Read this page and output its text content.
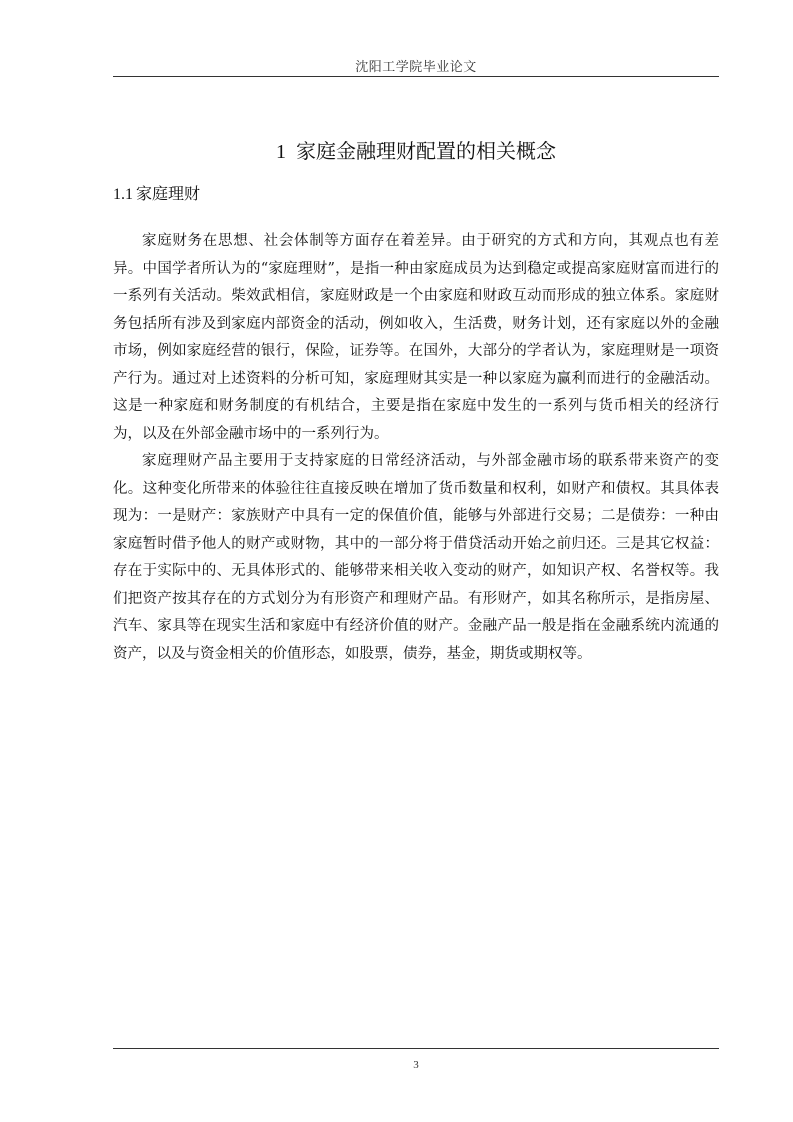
沈阳工学院毕业论文
1 家庭金融理财配置的相关概念
1.1 家庭理财

家庭财务在思想、社会体制等方面存在着差异。由于研究的方式和方向，其观点也有差异。中国学者所认为的“家庭理财”，是指一种由家庭成员为达到稳定或提高家庭财富而进行的一系列有关活动。柴效武相信，家庭财政是一个由家庭和财政互动而形成的独立体系。家庭财务包括所有涉及到家庭内部资金的活动，例如收入，生活费，财务计划，还有家庭以外的金融市场，例如家庭经营的银行，保险，证券等。在国外，大部分的学者认为，家庭理财是一项资产行为。通过对上述资料的分析可知，家庭理财其实是一种以家庭为赢利而进行的金融活动。这是一种家庭和财务制度的有机结合，主要是指在家庭中发生的一系列与货币相关的经济行为，以及在外部金融市场中的一系列行为。

家庭理财产品主要用于支持家庭的日常经济活动，与外部金融市场的联系带来资产的变化。这种变化所带来的体验往往直接反映在增加了货币数量和权利，如财产和债权。其具体表现为：一是财产：家族财产中具有一定的保值价值，能够与外部进行交易；二是债券：一种由家庭暂时借予他人的财产或财物，其中的一部分将于借贷活动开始之前归还。三是其它权益：存在于实际中的、无具体形式的、能够带来相关收入变动的财产，如知识产权、名誉权等。我们把资产按其存在的方式划分为有形资产和理财产品。有形财产，如其名称所示，是指房屋、汽车、家具等在现实生活和家庭中有经济价值的财产。金融产品一般是指在金融系统内流通的资产，以及与资金相关的价值形态，如股票，债券，基金，期货或期权等。

3
